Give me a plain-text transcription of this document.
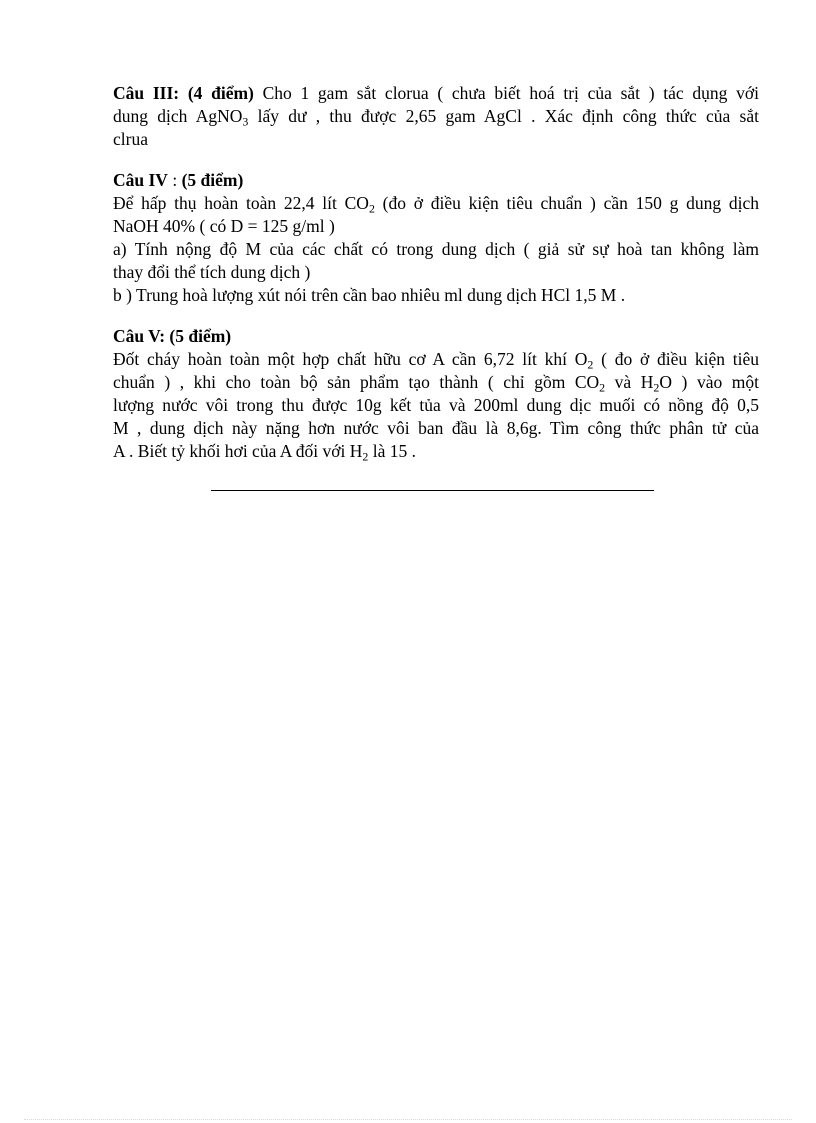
Câu III: (4 điểm) Cho 1 gam sắt clorua ( chưa biết hoá trị của sắt ) tác dụng với
dung dịch AgNO$_3$ lấy dư , thu được 2,65 gam AgCl . Xác định công thức của sắt
clrua
Câu IV : (5 điểm)
Để hấp thụ hoàn toàn 22,4 lít $CO_2$ (đo ở điều kiện tiêu chuẩn ) cần 150 g dung dịch
NaOH 40% ( có D = 125 g/ml )
a) Tính nộng độ M của các chất có trong dung dịch ( giả sử sự hoà tan không làm
thay đổi thể tích dung dịch )
b ) Trung hoà lượng xút nói trên cần bao nhiêu ml dung dịch HCl 1,5 M .
Câu V: (5 điểm)
Đốt cháy hoàn toàn một hợp chất hữu cơ A cần 6,72 lít khí $O_2$ ( đo ở điều kiện tiêu
chuẩn ) , khi cho toàn bộ sản phẩm tạo thành ( chỉ gồm $CO_2$ và $H_2O$ ) vào một
lượng nước vôi trong thu được 10g kết tủa và 200ml dung dịc muối có nồng độ 0,5
M , dung dịch này nặng hơn nước vôi ban đầu là 8,6g. Tìm công thức phân tử của
A . Biết tỷ khối hơi của A đối với $H_2$ là 15 .
